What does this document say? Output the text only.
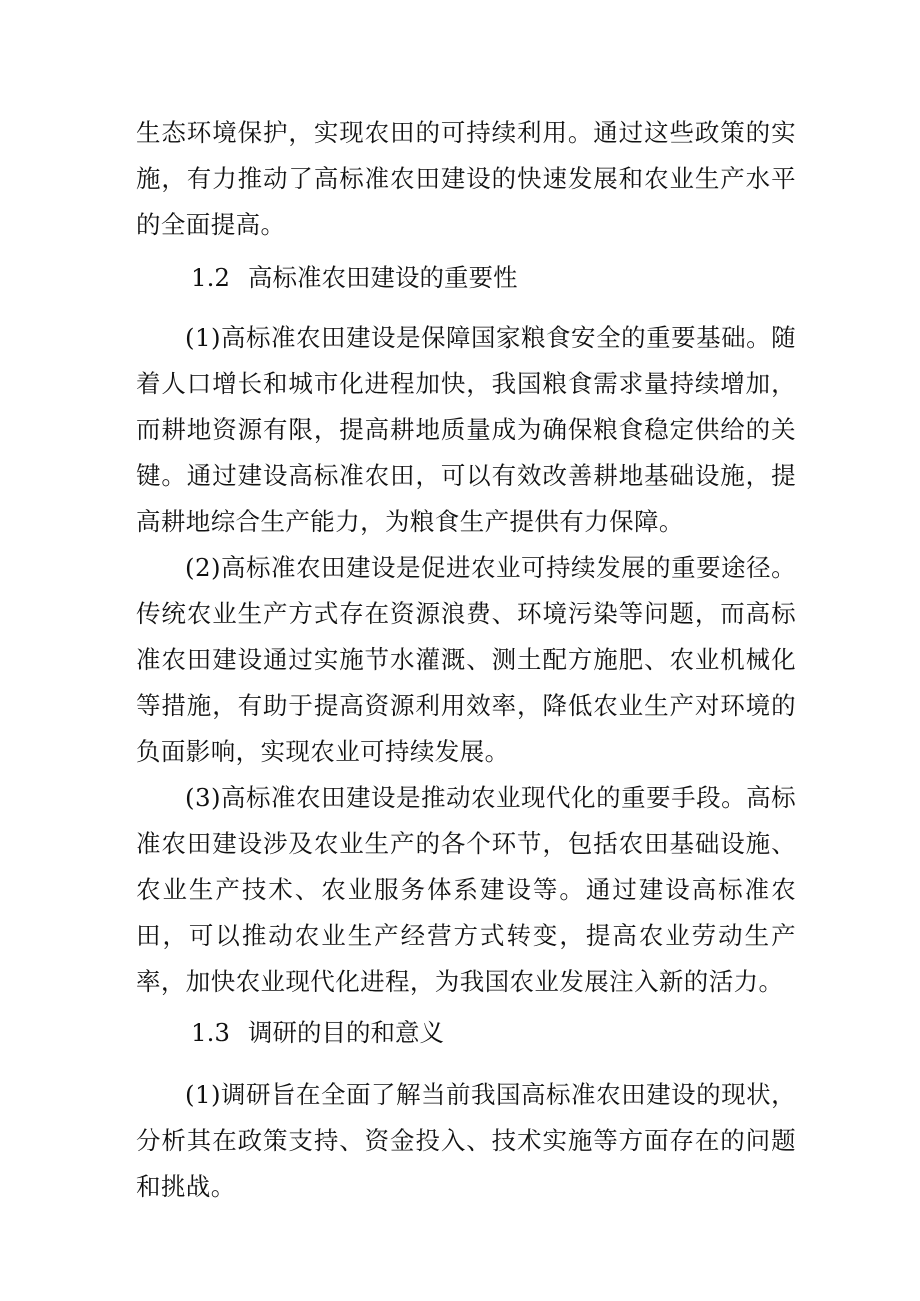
生态环境保护，实现农田的可持续利用。通过这些政策的实施，有力推动了高标准农田建设的快速发展和农业生产水平的全面提高。

1.2 高标准农田建设的重要性

(1)高标准农田建设是保障国家粮食安全的重要基础。随着人口增长和城市化进程加快，我国粮食需求量持续增加，而耕地资源有限，提高耕地质量成为确保粮食稳定供给的关键。通过建设高标准农田，可以有效改善耕地基础设施，提高耕地综合生产能力，为粮食生产提供有力保障。

(2)高标准农田建设是促进农业可持续发展的重要途径。传统农业生产方式存在资源浪费、环境污染等问题，而高标准农田建设通过实施节水灌溉、测土配方施肥、农业机械化等措施，有助于提高资源利用效率，降低农业生产对环境的负面影响，实现农业可持续发展。

(3)高标准农田建设是推动农业现代化的重要手段。高标准农田建设涉及农业生产的各个环节，包括农田基础设施、农业生产技术、农业服务体系建设等。通过建设高标准农田，可以推动农业生产经营方式转变，提高农业劳动生产率，加快农业现代化进程，为我国农业发展注入新的活力。

1.3 调研的目的和意义

(1)调研旨在全面了解当前我国高标准农田建设的现状，分析其在政策支持、资金投入、技术实施等方面存在的问题和挑战。
